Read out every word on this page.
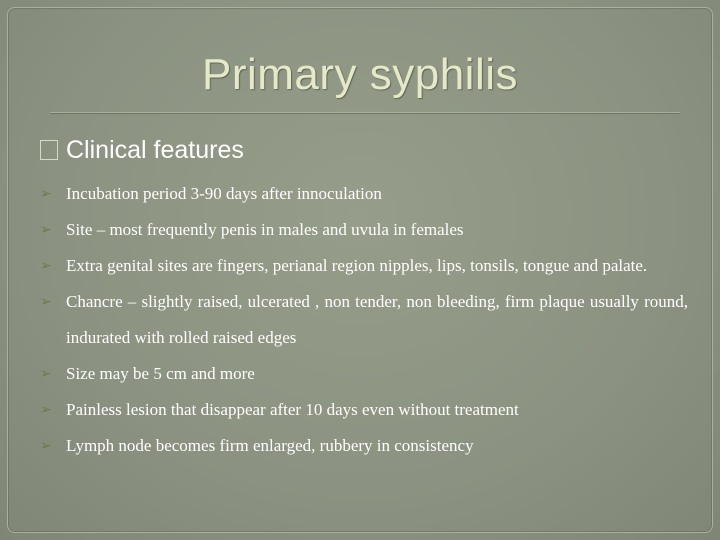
Primary syphilis
Clinical features
➢ Incubation period 3-90 days after innoculation
➢ Site – most frequently penis in males and uvula in females
➢ Extra genital sites are fingers, perianal region nipples, lips, tonsils, tongue and palate.
➢ Chancre – slightly raised, ulcerated , non tender, non bleeding, firm plaque usually round, indurated with rolled raised edges
➢ Size may be 5 cm and more
➢ Painless lesion that disappear after 10 days even without treatment
➢ Lymph node becomes firm enlarged, rubbery in consistency
